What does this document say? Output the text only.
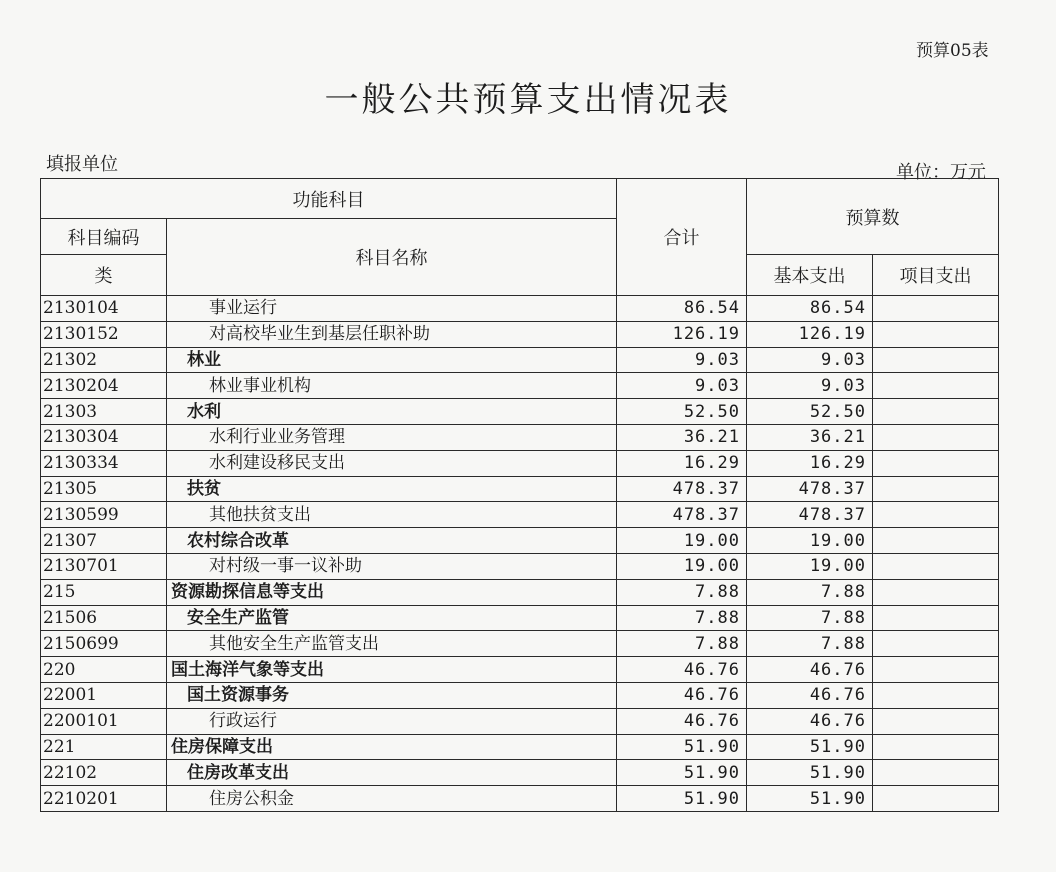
预算05表
一般公共预算支出情况表
填报单位	单位：万元
功能科目		合计	预算数	
科目编码	科目名称			
类			基本支出	项目支出
2130104	事业运行	86.54	86.54	
2130152	对高校毕业生到基层任职补助	126.19	126.19	
21302	林业	9.03	9.03	
2130204	林业事业机构	9.03	9.03	
21303	水利	52.50	52.50	
2130304	水利行业业务管理	36.21	36.21	
2130334	水利建设移民支出	16.29	16.29	
21305	扶贫	478.37	478.37	
2130599	其他扶贫支出	478.37	478.37	
21307	农村综合改革	19.00	19.00	
2130701	对村级一事一议补助	19.00	19.00	
215	资源勘探信息等支出	7.88	7.88	
21506	安全生产监管	7.88	7.88	
2150699	其他安全生产监管支出	7.88	7.88	
220	国土海洋气象等支出	46.76	46.76	
22001	国土资源事务	46.76	46.76	
2200101	行政运行	46.76	46.76	
221	住房保障支出	51.90	51.90	
22102	住房改革支出	51.90	51.90	
2210201	住房公积金	51.90	51.90	
